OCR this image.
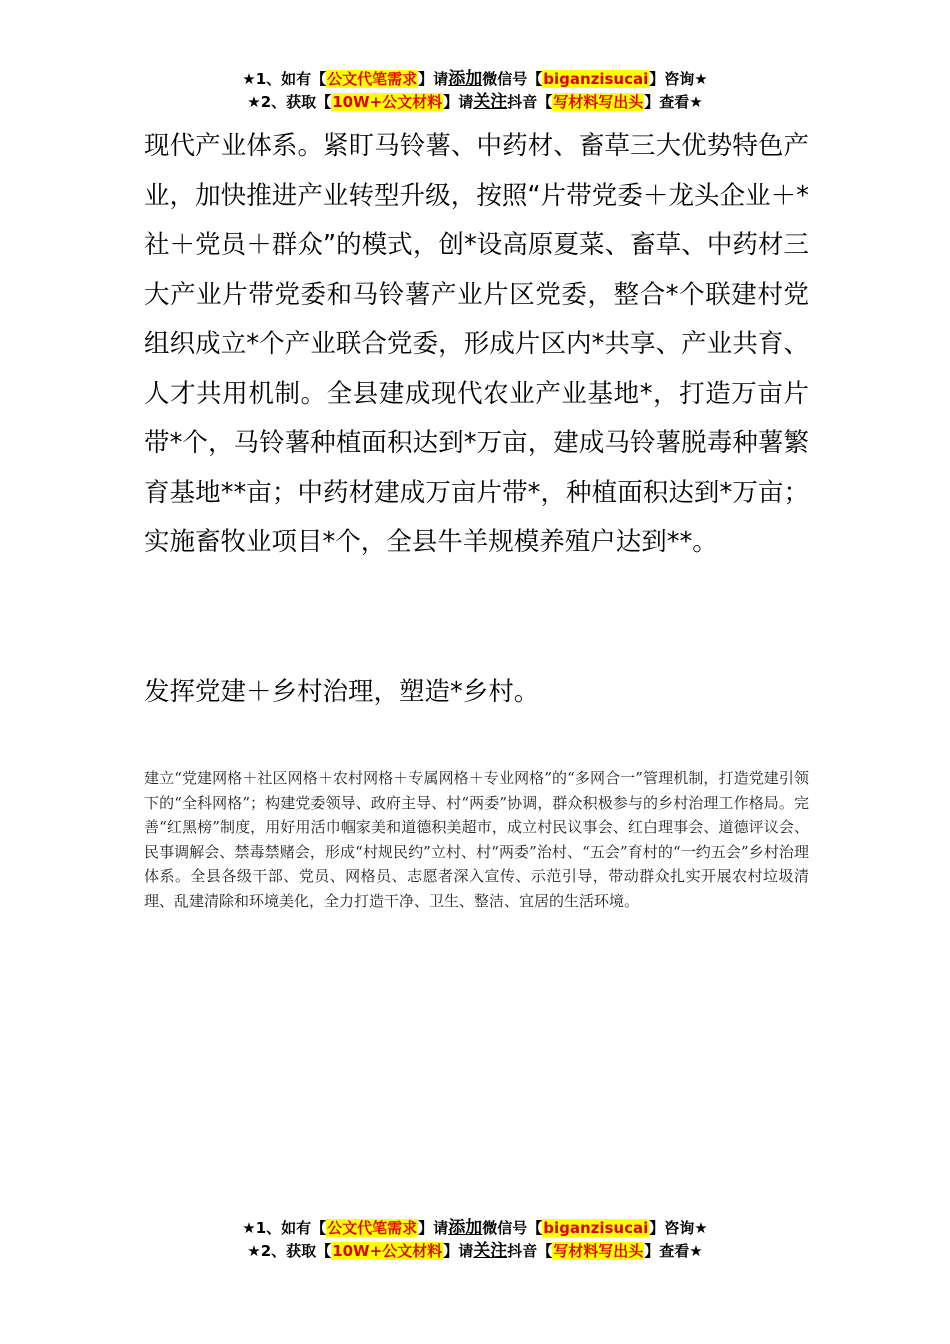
★1、如有【公文代笔需求】请添加微信号【biganzisucai】咨询★
★2、获取【10W+公文材料】请关注抖音【写材料写出头】查看★

现代产业体系。紧盯马铃薯、中药材、畜草三大优势特色产业，加快推进产业转型升级，按照“片带党委＋龙头企业＋*社＋党员＋群众”的模式，创*设高原夏菜、畜草、中药材三大产业片带党委和马铃薯产业片区党委，整合*个联建村党组织成立*个产业联合党委，形成片区内*共享、产业共育、人才共用机制。全县建成现代农业产业基地*，打造万亩片带*个，马铃薯种植面积达到*万亩，建成马铃薯脱毒种薯繁育基地**亩；中药材建成万亩片带*，种植面积达到*万亩；实施畜牧业项目*个，全县牛羊规模养殖户达到**。

发挥党建＋乡村治理，塑造*乡村。

建立“党建网格＋社区网格＋农村网格＋专属网格＋专业网格”的“多网合一”管理机制，打造党建引领下的“全科网格”；构建党委领导、政府主导、村“两委”协调，群众积极参与的乡村治理工作格局。完善“红黑榜”制度，用好用活巾帼家美和道德积美超市，成立村民议事会、红白理事会、道德评议会、民事调解会、禁毒禁赌会，形成“村规民约”立村、村“两委”治村、“五会”育村的“一约五会”乡村治理体系。全县各级干部、党员、网格员、志愿者深入宣传、示范引导，带动群众扎实开展农村垃圾清理、乱建清除和环境美化，全力打造干净、卫生、整洁、宜居的生活环境。

★1、如有【公文代笔需求】请添加微信号【biganzisucai】咨询★
★2、获取【10W+公文材料】请关注抖音【写材料写出头】查看★
